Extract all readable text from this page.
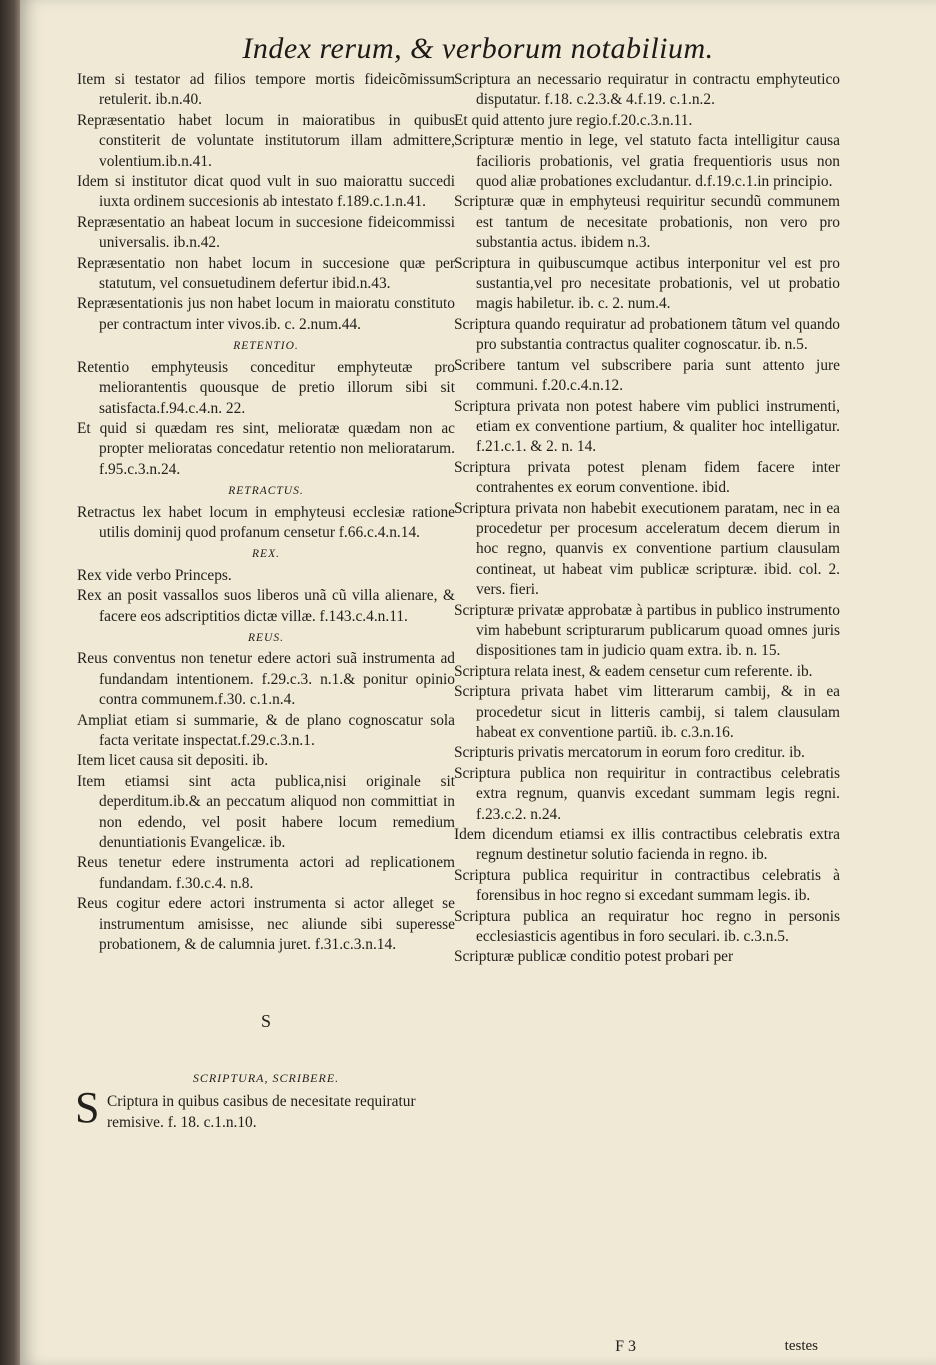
Index rerum, & verborum notabilium.

Item si testator ad filios tempore mortis fideicõmissum retulerit. ib.n.40.

Repræsentatio habet locum in maioratibus in quibus constiterit de voluntate institutorum illam admittere, volentium.ib.n.41.

Idem si institutor dicat quod vult in suo maiorattu succedi iuxta ordinem succesionis ab intestato f.189.c.1.n.41.

Repræsentatio an habeat locum in succesione fideicommissi universalis. ib.n.42.

Repræsentatio non habet locum in succesione quæ per statutum, vel consuetudinem defertur ibid.n.43.

Repræsentationis jus non habet locum in maioratu constituto per contractum inter vivos.ib. c. 2.num.44.

RETENTIO.

Retentio emphyteusis conceditur emphyteutæ pro meliorantentis quousque de pretio illorum sibi sit satisfacta.f.94.c.4.n. 22.

Et quid si quædam res sint, melioratæ quædam non ac propter melioratas concedatur retentio non melioratarum. f.95.c.3.n.24.

RETRACTUS.

Retractus lex habet locum in emphyteusi ecclesiæ ratione utilis dominij quod profanum censetur f.66.c.4.n.14.

REX.

Rex vide verbo Princeps.

Rex an posit vassallos suos liberos unã cũ villa alienare, & facere eos adscriptitios dictæ villæ. f.143.c.4.n.11.

REUS.

Reus conventus non tenetur edere actori suã instrumenta ad fundandam intentionem. f.29.c.3. n.1.& ponitur opinio contra communem.f.30. c.1.n.4.

Ampliat etiam si summarie, & de plano cognoscatur sola facta veritate inspectat.f.29.c.3.n.1.

Item licet causa sit depositi. ib.

Item etiamsi sint acta publica,nisi originale sit deperditum.ib.& an peccatum aliquod non committiat in non edendo, vel posit habere locum remedium denuntiationis Evangelicæ. ib.

Reus tenetur edere instrumenta actori ad replicationem fundandam. f.30.c.4. n.8.

Reus cogitur edere actori instrumenta si actor alleget se instrumentum amisisse, nec aliunde sibi superesse probationem, & de calumnia juret. f.31.c.3.n.14.

S

SCRIPTURA, SCRIBERE.

S Criptura in quibus casibus de necesitate requiratur remisive. f. 18. c.1.n.10.

Scriptura an necessario requiratur in contractu emphyteutico disputatur. f.18. c.2.3.& 4.f.19. c.1.n.2.

Et quid attento jure regio.f.20.c.3.n.11.

Scripturæ mentio in lege, vel statuto facta intelligitur causa facilioris probationis, vel gratia frequentioris usus non quod aliæ probationes excludantur. d.f.19.c.1.in principio.

Scripturæ quæ in emphyteusi requiritur secundũ communem est tantum de necesitate probationis, non vero pro substantia actus. ibidem n.3.

Scriptura in quibuscumque actibus interponitur vel est pro sustantia,vel pro necesitate probationis, vel ut probatio magis habiletur. ib. c. 2. num.4.

Scriptura quando requiratur ad probationem tãtum vel quando pro substantia contractus qualiter cognoscatur. ib. n.5.

Scribere tantum vel subscribere paria sunt attento jure communi. f.20.c.4.n.12.

Scriptura privata non potest habere vim publici instrumenti, etiam ex conventione partium, & qualiter hoc intelligatur. f.21.c.1. & 2. n. 14.

Scriptura privata potest plenam fidem facere inter contrahentes ex eorum conventione. ibid.

Scriptura privata non habebit executionem paratam, nec in ea procedetur per procesum acceleratum decem dierum in hoc regno, quanvis ex conventione partium clausulam contineat, ut habeat vim publicæ scripturæ. ibid. col. 2. vers. fieri.

Scripturæ privatæ approbatæ à partibus in publico instrumento vim habebunt scripturarum publicarum quoad omnes juris dispositiones tam in judicio quam extra. ib. n. 15.

Scriptura relata inest, & eadem censetur cum referente. ib.

Scriptura privata habet vim litterarum cambij, & in ea procedetur sicut in litteris cambij, si talem clausulam habeat ex conventione partiũ. ib. c.3.n.16.

Scripturis privatis mercatorum in eorum foro creditur. ib.

Scriptura publica non requiritur in contractibus celebratis extra regnum, quanvis excedant summam legis regni. f.23.c.2. n.24.

Idem dicendum etiamsi ex illis contractibus celebratis extra regnum destinetur solutio facienda in regno. ib.

Scriptura publica requiritur in contractibus celebratis à forensibus in hoc regno si excedant summam legis. ib.

Scriptura publica an requiratur hoc regno in personis ecclesiasticis agentibus in foro seculari. ib. c.3.n.5.

Scripturæ publicæ conditio potest probari per

F 3	testes
